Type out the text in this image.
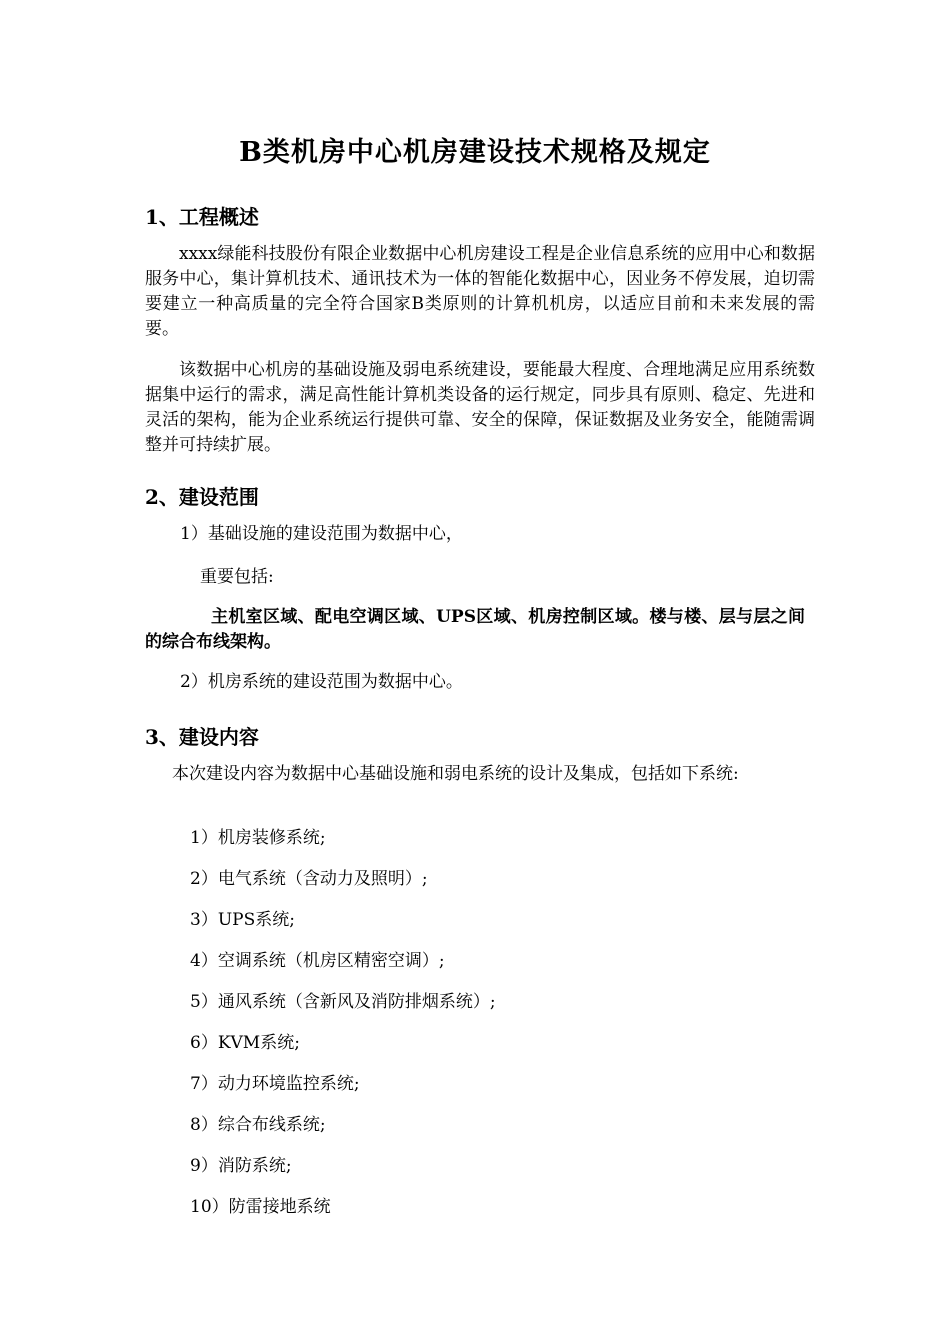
B类机房中心机房建设技术规格及规定
1、工程概述

xxxx绿能科技股份有限企业数据中心机房建设工程是企业信息系统的应用中心和数据服务中心，集计算机技术、通讯技术为一体的智能化数据中心，因业务不停发展，迫切需要建立一种高质量的完全符合国家B类原则的计算机机房，以适应目前和未来发展的需要。

该数据中心机房的基础设施及弱电系统建设，要能最大程度、合理地满足应用系统数据集中运行的需求，满足高性能计算机类设备的运行规定，同步具有原则、稳定、先进和灵活的架构，能为企业系统运行提供可靠、安全的保障，保证数据及业务安全，能随需调整并可持续扩展。

2、建设范围

1）基础设施的建设范围为数据中心，

重要包括:

主机室区域、配电空调区域、UPS区域、机房控制区域。楼与楼、层与层之间的综合布线架构。

2）机房系统的建设范围为数据中心。

3、建设内容

本次建设内容为数据中心基础设施和弱电系统的设计及集成，包括如下系统:

1）机房装修系统;

2）电气系统（含动力及照明）;

3）UPS系统;

4）空调系统（机房区精密空调）;

5）通风系统（含新风及消防排烟系统）;

6）KVM系统;

7）动力环境监控系统;

8）综合布线系统;

9）消防系统;

10）防雷接地系统
